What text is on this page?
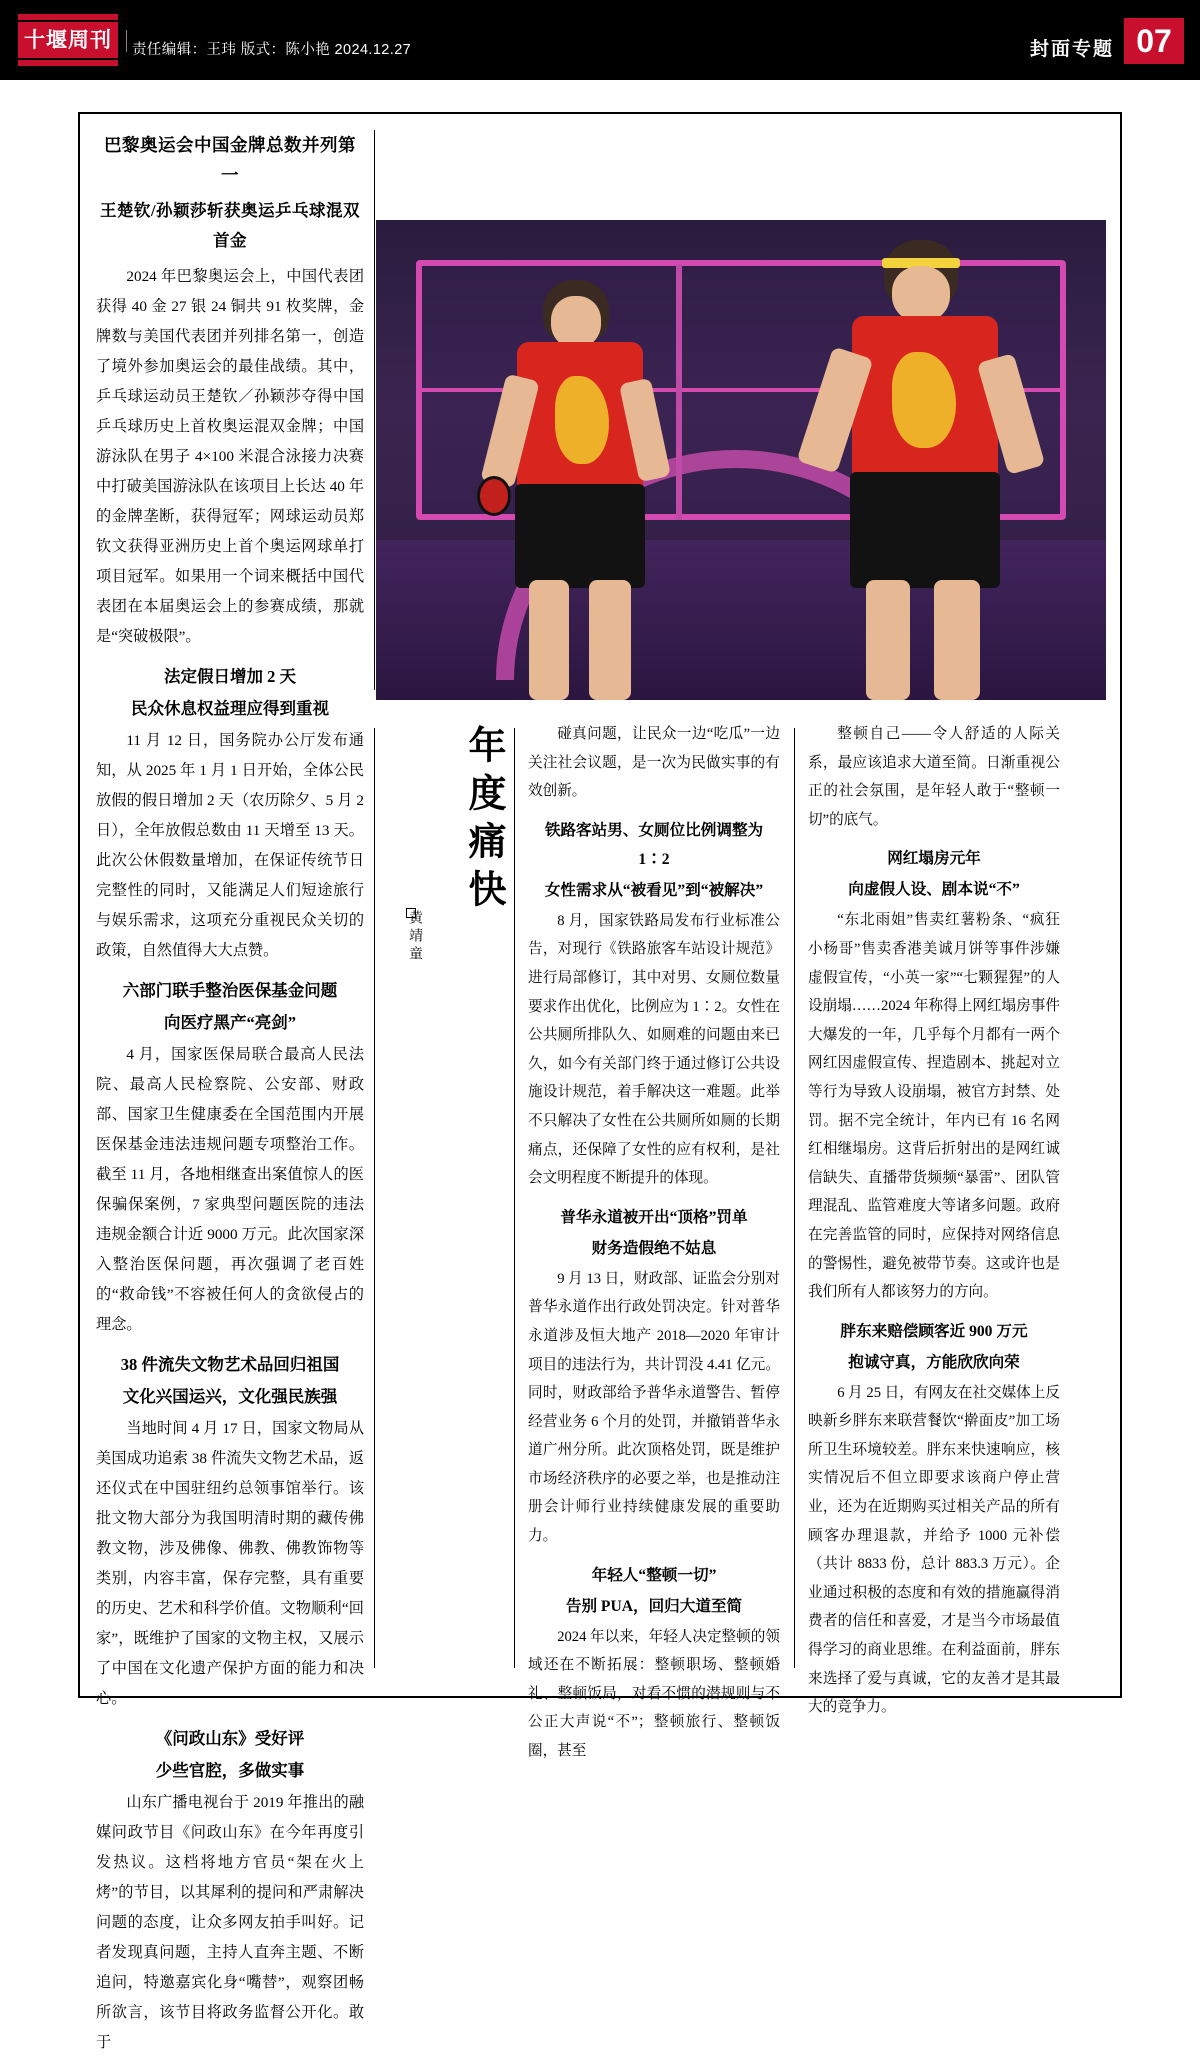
十堰周刊	责任编辑：王玮 版式：陈小艳 2024.12.27	封面专题 07
巴黎奥运会中国金牌总数并列第一
王楚钦/孙颖莎斩获奥运乒乓球混双首金

2024 年巴黎奥运会上，中国代表团获得 40 金 27 银 24 铜共 91 枚奖牌，金牌数与美国代表团并列排名第一，创造了境外参加奥运会的最佳战绩。其中，乒乓球运动员王楚钦／孙颖莎夺得中国乒乓球历史上首枚奥运混双金牌；中国游泳队在男子 4×100 米混合泳接力决赛中打破美国游泳队在该项目上长达 40 年的金牌垄断，获得冠军；网球运动员郑钦文获得亚洲历史上首个奥运网球单打项目冠军。如果用一个词来概括中国代表团在本届奥运会上的参赛成绩，那就是“突破极限”。

法定假日增加 2 天
民众休息权益理应得到重视

11 月 12 日，国务院办公厅发布通知，从 2025 年 1 月 1 日开始，全体公民放假的假日增加 2 天（农历除夕、5 月 2 日），全年放假总数由 11 天增至 13 天。此次公休假数量增加，在保证传统节日完整性的同时，又能满足人们短途旅行与娱乐需求，这项充分重视民众关切的政策，自然值得大大点赞。

六部门联手整治医保基金问题
向医疗黑产“亮剑”

4 月，国家医保局联合最高人民法院、最高人民检察院、公安部、财政部、国家卫生健康委在全国范围内开展医保基金违法违规问题专项整治工作。截至 11 月，各地相继查出案值惊人的医保骗保案例，7 家典型问题医院的违法违规金额合计近 9000 万元。此次国家深入整治医保问题，再次强调了老百姓的“救命钱”不容被任何人的贪欲侵占的理念。

38 件流失文物艺术品回归祖国
文化兴国运兴，文化强民族强

当地时间 4 月 17 日，国家文物局从美国成功追索 38 件流失文物艺术品，返还仪式在中国驻纽约总领事馆举行。该批文物大部分为我国明清时期的藏传佛教文物，涉及佛像、佛教、佛教饰物等类别，内容丰富，保存完整，具有重要的历史、艺术和科学价值。文物顺利“回家”，既维护了国家的文物主权，又展示了中国在文化遗产保护方面的能力和决心。

《问政山东》受好评
少些官腔，多做实事

山东广播电视台于 2019 年推出的融媒问政节目《问政山东》在今年再度引发热议。这档将地方官员“架在火上烤”的节目，以其犀利的提问和严肃解决问题的态度，让众多网友拍手叫好。记者发现真问题，主持人直奔主题、不断追问，特邀嘉宾化身“嘴替”，观察团畅所欲言，该节目将政务监督公开化。敢于

年度痛快
黄靖童

碰真问题，让民众一边“吃瓜”一边关注社会议题，是一次为民做实事的有效创新。

铁路客站男、女厕位比例调整为 1∶2
女性需求从“被看见”到“被解决”

8 月，国家铁路局发布行业标准公告，对现行《铁路旅客车站设计规范》进行局部修订，其中对男、女厕位数量要求作出优化，比例应为 1∶2。女性在公共厕所排队久、如厕难的问题由来已久，如今有关部门终于通过修订公共设施设计规范，着手解决这一难题。此举不只解决了女性在公共厕所如厕的长期痛点，还保障了女性的应有权利，是社会文明程度不断提升的体现。

普华永道被开出“顶格”罚单
财务造假绝不姑息

9 月 13 日，财政部、证监会分别对普华永道作出行政处罚决定。针对普华永道涉及恒大地产 2018—2020 年审计项目的违法行为，共计罚没 4.41 亿元。同时，财政部给予普华永道警告、暂停经营业务 6 个月的处罚，并撤销普华永道广州分所。此次顶格处罚，既是维护市场经济秩序的必要之举，也是推动注册会计师行业持续健康发展的重要助力。

年轻人“整顿一切”
告别 PUA，回归大道至简

2024 年以来，年轻人决定整顿的领域还在不断拓展：整顿职场、整顿婚礼、整顿饭局，对看不惯的潜规则与不公正大声说“不”；整顿旅行、整顿饭圈，甚至

整顿自己——令人舒适的人际关系，最应该追求大道至简。日渐重视公正的社会氛围，是年轻人敢于“整顿一切”的底气。

网红塌房元年
向虚假人设、剧本说“不”

“东北雨姐”售卖红薯粉条、“疯狂小杨哥”售卖香港美诚月饼等事件涉嫌虚假宣传，“小英一家”“七颗猩猩”的人设崩塌……2024 年称得上网红塌房事件大爆发的一年，几乎每个月都有一两个网红因虚假宣传、捏造剧本、挑起对立等行为导致人设崩塌，被官方封禁、处罚。据不完全统计，年内已有 16 名网红相继塌房。这背后折射出的是网红诚信缺失、直播带货频频“暴雷”、团队管理混乱、监管难度大等诸多问题。政府在完善监管的同时，应保持对网络信息的警惕性，避免被带节奏。这或许也是我们所有人都该努力的方向。

胖东来赔偿顾客近 900 万元
抱诚守真，方能欣欣向荣

6 月 25 日，有网友在社交媒体上反映新乡胖东来联营餐饮“擀面皮”加工场所卫生环境较差。胖东来快速响应，核实情况后不但立即要求该商户停止营业，还为在近期购买过相关产品的所有顾客办理退款，并给予 1000 元补偿（共计 8833 份，总计 883.3 万元）。企业通过积极的态度和有效的措施赢得消费者的信任和喜爱，才是当今市场最值得学习的商业思维。在利益面前，胖东来选择了爱与真诚，它的友善才是其最大的竞争力。
